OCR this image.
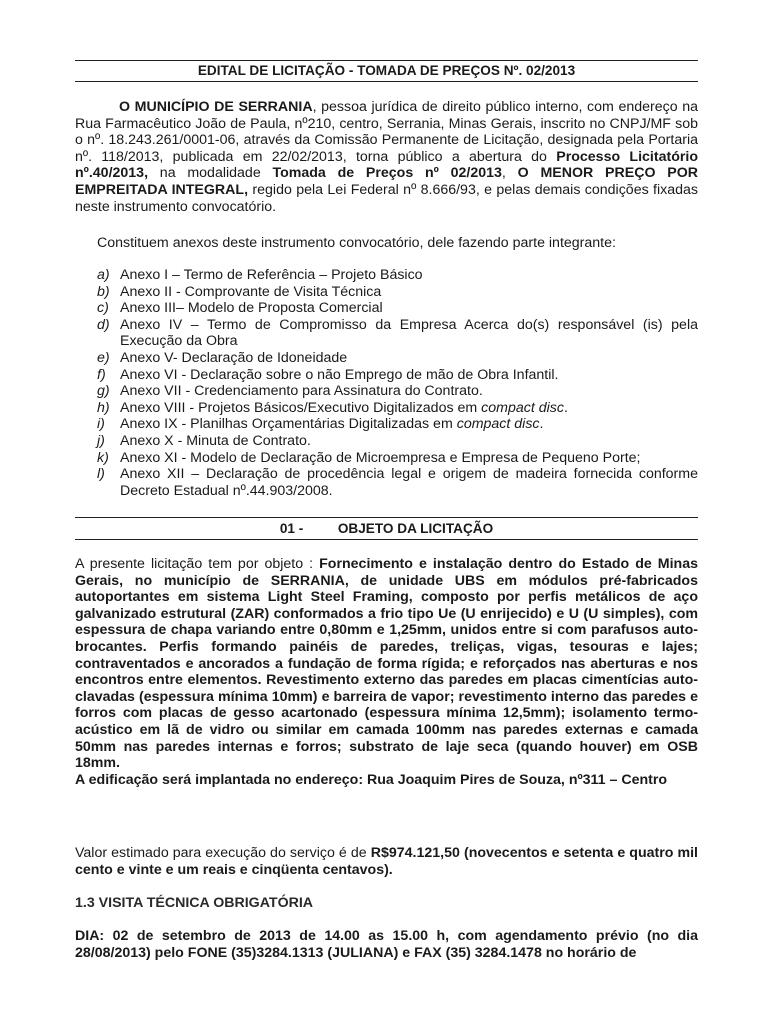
EDITAL DE LICITAÇÃO - TOMADA DE PREÇOS Nº. 02/2013

O MUNICÍPIO DE SERRANIA, pessoa jurídica de direito público interno, com endereço na Rua Farmacêutico João de Paula, nº210, centro, Serrania, Minas Gerais, inscrito no CNPJ/MF sob o nº. 18.243.261/0001-06, através da Comissão Permanente de Licitação, designada pela Portaria nº. 118/2013, publicada em 22/02/2013, torna público a abertura do Processo Licitatório nº.40/2013, na modalidade Tomada de Preços nº 02/2013, O MENOR PREÇO POR EMPREITADA INTEGRAL, regido pela Lei Federal nº 8.666/93, e pelas demais condições fixadas neste instrumento convocatório.

Constituem anexos deste instrumento convocatório, dele fazendo parte integrante:
a) Anexo I – Termo de Referência – Projeto Básico
b) Anexo II - Comprovante de Visita Técnica
c) Anexo III– Modelo de Proposta Comercial
d) Anexo IV – Termo de Compromisso da Empresa Acerca do(s) responsável (is) pela Execução da Obra
e) Anexo V- Declaração de Idoneidade
f) Anexo VI - Declaração sobre o não Emprego de mão de Obra Infantil.
g) Anexo VII - Credenciamento para Assinatura do Contrato.
h) Anexo VIII - Projetos Básicos/Executivo Digitalizados em compact disc.
i) Anexo IX - Planilhas Orçamentárias Digitalizadas em compact disc.
j) Anexo X - Minuta de Contrato.
k) Anexo XI - Modelo de Declaração de Microempresa e Empresa de Pequeno Porte;
l) Anexo XII – Declaração de procedência legal e origem de madeira fornecida conforme Decreto Estadual nº.44.903/2008.
01 -	OBJETO DA LICITAÇÃO

A presente licitação tem por objeto : Fornecimento e instalação dentro do Estado de Minas Gerais, no município de SERRANIA, de unidade UBS em módulos pré-fabricados autoportantes em sistema Light Steel Framing, composto por perfis metálicos de aço galvanizado estrutural (ZAR) conformados a frio tipo Ue (U enrijecido) e U (U simples), com espessura de chapa variando entre 0,80mm e 1,25mm, unidos entre si com parafusos auto-brocantes. Perfis formando painéis de paredes, treliças, vigas, tesouras e lajes; contraventados e ancorados a fundação de forma rígida; e reforçados nas aberturas e nos encontros entre elementos. Revestimento externo das paredes em placas cimentícias auto-clavadas (espessura mínima 10mm) e barreira de vapor; revestimento interno das paredes e forros com placas de gesso acartonado (espessura mínima 12,5mm); isolamento termo-acústico em lã de vidro ou similar em camada 100mm nas paredes externas e camada 50mm nas paredes internas e forros; substrato de laje seca (quando houver) em OSB 18mm.

A edificação será implantada no endereço: Rua Joaquim Pires de Souza, nº311 – Centro

Valor estimado para execução do serviço é de R$974.121,50 (novecentos e setenta e quatro mil cento e vinte e um reais e cinqüenta centavos).

1.3 VISITA TÉCNICA OBRIGATÓRIA

DIA: 02 de setembro de 2013 de 14.00 as 15.00 h, com agendamento prévio (no dia 28/08/2013) pelo FONE (35)3284.1313 (JULIANA) e FAX (35) 3284.1478 no horário de
